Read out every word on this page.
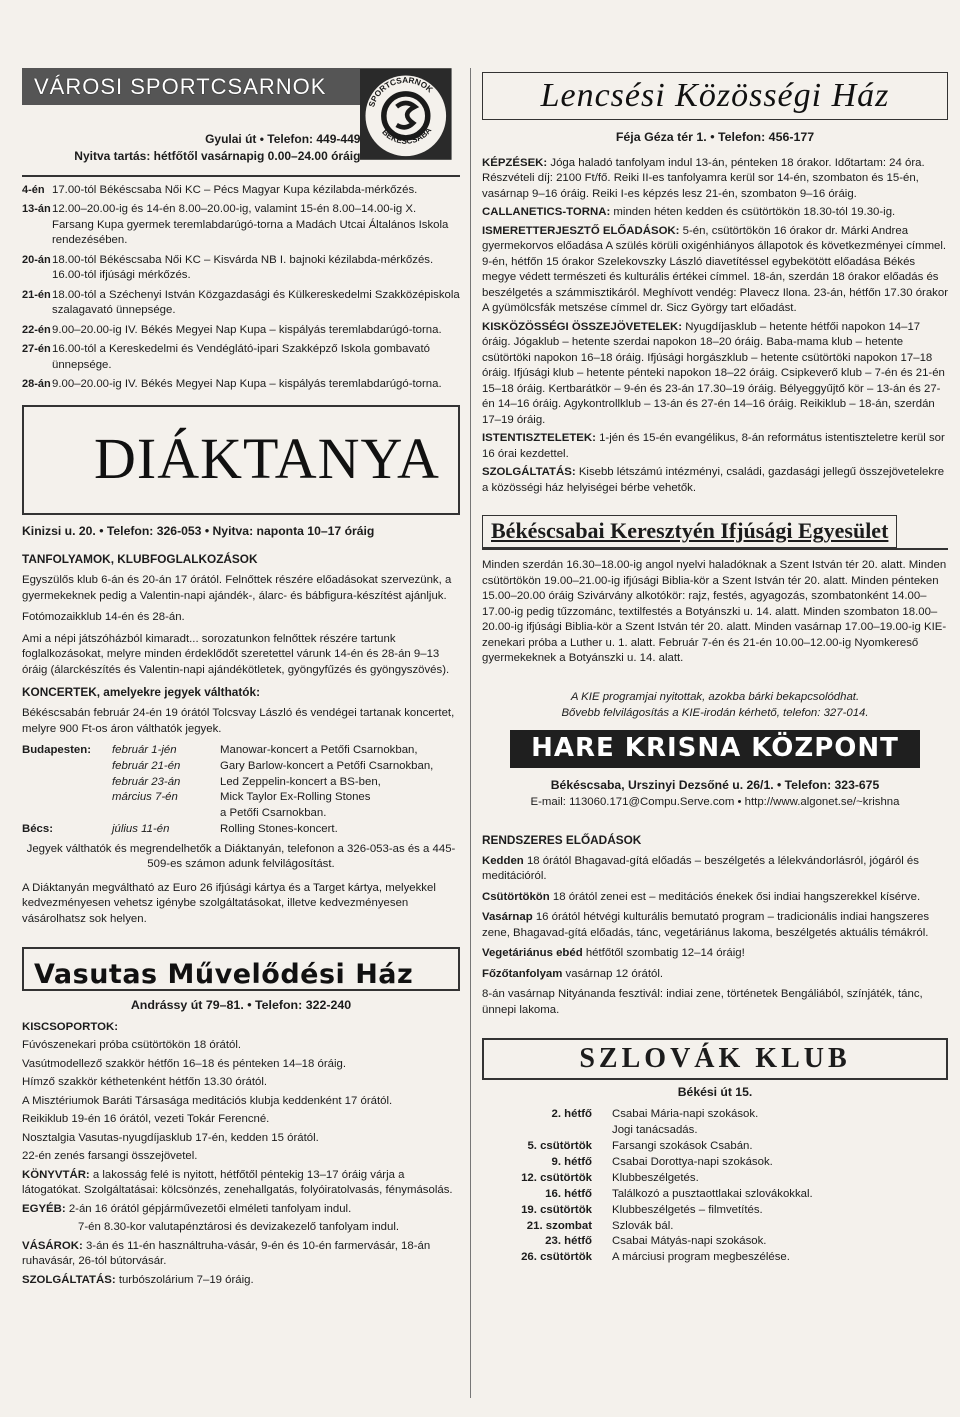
VÁROSI SPORTCSARNOK
Gyulai út • Telefon: 449-449
Nyitva tartás: hétfőtől vasárnapig 0.00–24.00 óráig
SPORTCSARNOK
BÉKÉSCSABA
4-én 17.00-tól Békéscsaba Női KC – Pécs Magyar Kupa kézilabda-mérkőzés.
13-án 12.00–20.00-ig és 14-én 8.00–20.00-ig, valamint 15-én 8.00–14.00-ig X. Farsang Kupa gyermek teremlabdarúgó-torna a Madách Utcai Általános Iskola rendezésében.
20-án 18.00-tól Békéscsaba Női KC – Kisvárda NB I. bajnoki kézilabda-mérkőzés. 16.00-tól ifjúsági mérkőzés.
21-én 18.00-tól a Széchenyi István Közgazdasági és Külkereskedelmi Szakközépiskola szalagavató ünnepsége.
22-én 9.00–20.00-ig IV. Békés Megyei Nap Kupa – kispályás teremlabdarúgó-torna.
27-én 16.00-tól a Kereskedelmi és Vendéglátó-ipari Szakképző Iskola gombavató ünnepsége.
28-án 9.00–20.00-ig IV. Békés Megyei Nap Kupa – kispályás teremlabdarúgó-torna.
DIÁKTANYA
Kinizsi u. 20. • Telefon: 326-053 • Nyitva: naponta 10–17 óráig
TANFOLYAMOK, KLUBFOGLALKOZÁSOK

Egyszülős klub 6-án és 20-án 17 órától. Felnőttek részére előadásokat szervezünk, a gyermekeknek pedig a Valentin-napi ajándék-, álarc- és bábfigura-készítést ajánljuk.

Fotómozaikklub 14-én és 28-án.

Ami a népi játszóházból kimaradt... sorozatunkon felnőttek részére tartunk foglalkozásokat, melyre minden érdeklődőt szeretettel várunk 14-én és 28-án 9–13 óráig (álarckészítés és Valentin-napi ajándékötletek, gyöngyfűzés és gyöngyszövés).

KONCERTEK, amelyekre jegyek válthatók:

Békéscsabán február 24-én 19 órától Tolcsvay László és vendégei tartanak koncertet, melyre 900 Ft-os áron válthatók jegyek.

Budapesten:	február 1-jén	Manowar-koncert a Petőfi Csarnokban,
február 21-én	Gary Barlow-koncert a Petőfi Csarnokban,
február 23-án	Led Zeppelin-koncert a BS-ben,
március 7-én	Mick Taylor Ex-Rolling Stones
a Petőfi Csarnokban.
Bécs:	július 11-én	Rolling Stones-koncert.

Jegyek válthatók és megrendelhetők a Diáktanyán, telefonon a 326-053-as és a 445-509-es számon adunk felvilágosítást.

A Diáktanyán megváltható az Euro 26 ifjúsági kártya és a Target kártya, melyekkel kedvezményesen vehetsz igénybe szolgáltatásokat, illetve kedvezményesen vásárolhatsz sok helyen.

Vasutas Művelődési Ház
Andrássy út 79–81. • Telefon: 322-240
KISCSOPORTOK:
Fúvószenekari próba csütörtökön 18 órától.
Vasútmodellező szakkör hétfőn 16–18 és pénteken 14–18 óráig.
Hímző szakkör kéthetenként hétfőn 13.30 órától.
A Misztériumok Baráti Társasága meditációs klubja keddenként 17 órától.
Reikiklub 19-én 16 órától, vezeti Tokár Ferencné.
Nosztalgia Vasutas-nyugdíjasklub 17-én, kedden 15 órától.
22-én zenés farsangi összejövetel.
KÖNYVTÁR: a lakosság felé is nyitott, hétfőtől péntekig 13–17 óráig várja a látogatókat. Szolgáltatásai: kölcsönzés, zenehallgatás, folyóiratolvasás, fénymásolás.
EGYÉB: 2-án 16 órától gépjárművezetői elméleti tanfolyam indul.
7-én 8.30-kor valutapénztárosi és devizakezelő tanfolyam indul.
VÁSÁROK: 3-án és 11-én használtruha-vásár, 9-én és 10-én farmervásár, 18-án ruhavásár, 26-tól bútorvásár.
SZOLGÁLTATÁS: turbószolárium 7–19 óráig.
Lencsési Közösségi Ház
Féja Géza tér 1. • Telefon: 456-177

KÉPZÉSEK: Jóga haladó tanfolyam indul 13-án, pénteken 18 órakor. Időtartam: 24 óra. Részvételi díj: 2100 Ft/fő. Reiki II-es tanfolyamra kerül sor 14-én, szombaton és 15-én, vasárnap 9–16 óráig. Reiki I-es képzés lesz 21-én, szombaton 9–16 óráig.

CALLANETICS-TORNA: minden héten kedden és csütörtökön 18.30-tól 19.30-ig.

ISMERETTERJESZTŐ ELŐADÁSOK: 5-én, csütörtökön 16 órakor dr. Márki Andrea gyermekorvos előadása A szülés körüli oxigénhiányos állapotok és következményei címmel. 9-én, hétfőn 15 órakor Szelekovszky László diavetítéssel egybekötött előadása Békés megye védett természeti és kulturális értékei címmel. 18-án, szerdán 18 órakor előadás és beszélgetés a számmisztikáról. Meghívott vendég: Plavecz Ilona. 23-án, hétfőn 17.30 órakor A gyümölcsfák metszése címmel dr. Sicz György tart előadást.

KISKÖZÖSSÉGI ÖSSZEJÖVETELEK: Nyugdíjasklub – hetente hétfői napokon 14–17 óráig. Jógaklub – hetente szerdai napokon 18–20 óráig. Baba-mama klub – hetente csütörtöki napokon 16–18 óráig. Ifjúsági horgászklub – hetente csütörtöki napokon 17–18 óráig. Ifjúsági klub – hetente pénteki napokon 18–22 óráig. Csipkeverő klub – 7-én és 21-én 15–18 óráig. Kertbarátkör – 9-én és 23-án 17.30–19 óráig. Bélyeggyűjtő kör – 13-án és 27-én 14–16 óráig. Agykontrollklub – 13-án és 27-én 14–16 óráig. Reikiklub – 18-án, szerdán 17–19 óráig.

ISTENTISZTELETEK: 1-jén és 15-én evangélikus, 8-án református istentiszteletre kerül sor 16 órai kezdettel.

SZOLGÁLTATÁS: Kisebb létszámú intézményi, családi, gazdasági jellegű összejövetelekre a közösségi ház helyiségei bérbe vehetők.

Békéscsabai Keresztyén Ifjúsági Egyesület

Minden szerdán 16.30–18.00-ig angol nyelvi haladóknak a Szent István tér 20. alatt. Minden csütörtökön 19.00–21.00-ig ifjúsági Biblia-kör a Szent István tér 20. alatt. Minden pénteken 15.00–20.00 óráig Szivárvány alkotókör: rajz, festés, agyagozás, szombatonként 14.00–17.00-ig pedig tűzzománc, textilfestés a Botyánszki u. 14. alatt. Minden szombaton 18.00–20.00-ig ifjúsági Biblia-kör a Szent István tér 20. alatt. Minden vasárnap 17.00–19.00-ig KIE-zenekari próba a Luther u. 1. alatt. Február 7-én és 21-én 10.00–12.00-ig Nyomkereső gyermekeknek a Botyánszki u. 14. alatt.

A KIE programjai nyitottak, azokba bárki bekapcsolódhat.
Bővebb felvilágosítás a KIE-irodán kérhető, telefon: 327-014.
HARE KRISNA KÖZPONT
Békéscsaba, Urszinyi Dezsőné u. 26/1. • Telefon: 323-675
E-mail: 113060.171@Compu.Serve.com • http://www.algonet.se/~krishna
RENDSZERES ELŐADÁSOK

Kedden 18 órától Bhagavad-gítá előadás – beszélgetés a lélekvándorlásról, jógáról és meditációról.

Csütörtökön 18 órától zenei est – meditációs énekek ősi indiai hangszerekkel kísérve.

Vasárnap 16 órától hétvégi kulturális bemutató program – tradicionális indiai hangszeres zene, Bhagavad-gítá előadás, tánc, vegetáriánus lakoma, beszélgetés aktuális témákról.

Vegetáriánus ebéd hétfőtől szombatig 12–14 óráig!

Főzőtanfolyam vasárnap 12 órától.

8-án vasárnap Nityánanda fesztivál: indiai zene, történetek Bengáliából, színjáték, tánc, ünnepi lakoma.

SZLOVÁK KLUB
Békési út 15.
2. hétfő	Csabai Mária-napi szokások.
Jogi tanácsadás.
5. csütörtök	Farsangi szokások Csabán.
9. hétfő	Csabai Dorottya-napi szokások.
12. csütörtök	Klubbeszélgetés.
16. hétfő	Találkozó a pusztaottlakai szlovákokkal.
19. csütörtök	Klubbeszélgetés – filmvetítés.
21. szombat	Szlovák bál.
23. hétfő	Csabai Mátyás-napi szokások.
26. csütörtök	A márciusi program megbeszélése.
